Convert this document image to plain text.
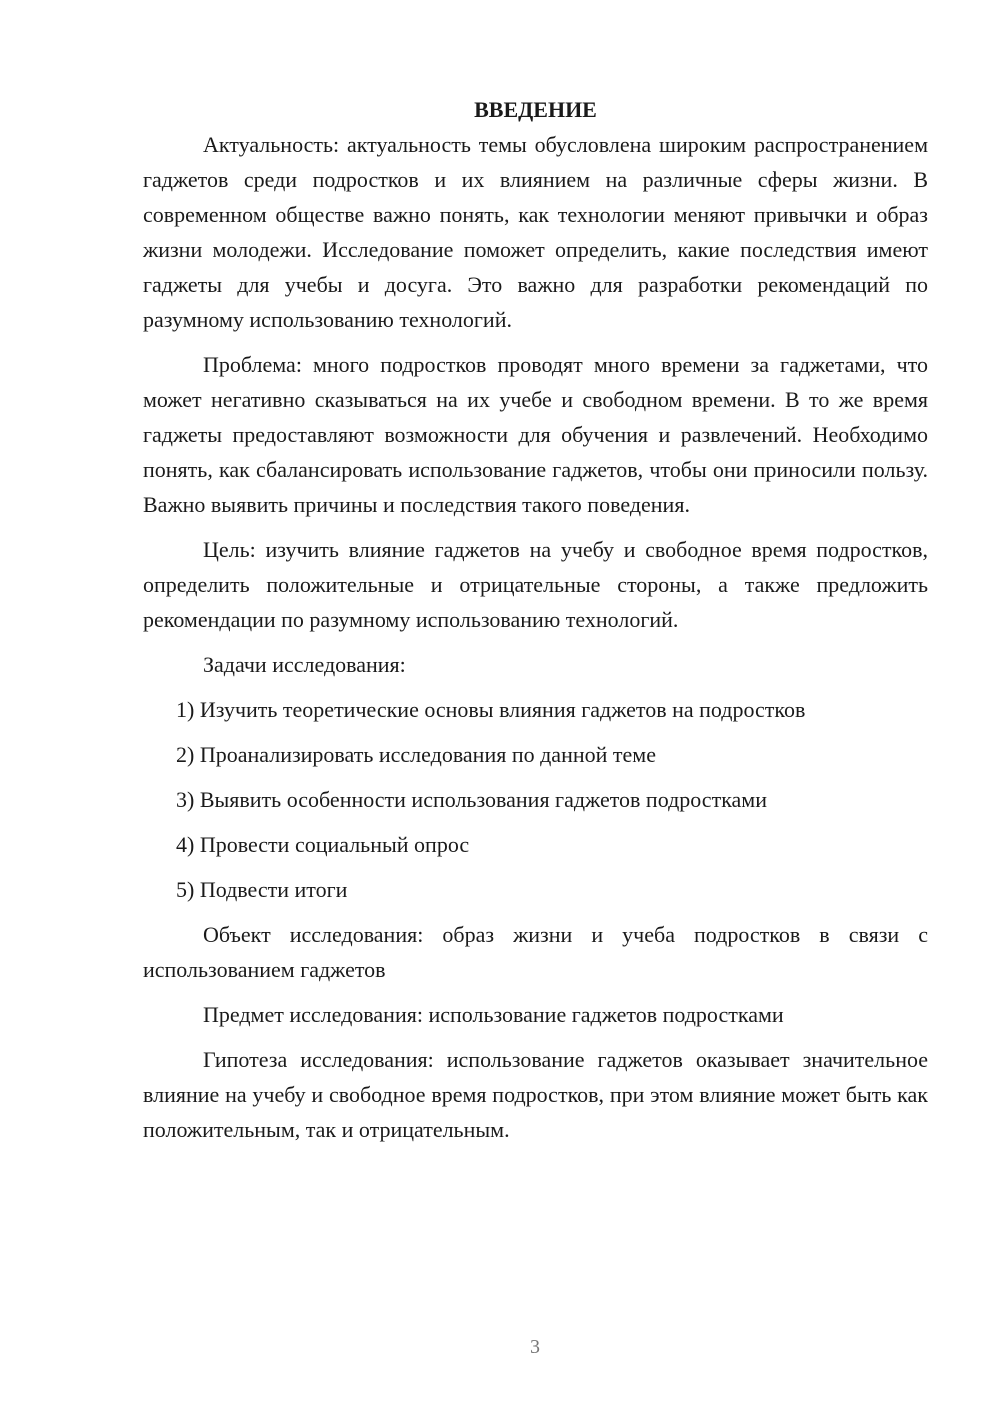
ВВЕДЕНИЕ

Актуальность: актуальность темы обусловлена широким распространением гаджетов среди подростков и их влиянием на различные сферы жизни. В современном обществе важно понять, как технологии меняют привычки и образ жизни молодежи. Исследование поможет определить, какие последствия имеют гаджеты для учебы и досуга. Это важно для разработки рекомендаций по разумному использованию технологий.

Проблема: много подростков проводят много времени за гаджетами, что может негативно сказываться на их учебе и свободном времени. В то же время гаджеты предоставляют возможности для обучения и развлечений. Необходимо понять, как сбалансировать использование гаджетов, чтобы они приносили пользу. Важно выявить причины и последствия такого поведения.

Цель: изучить влияние гаджетов на учебу и свободное время подростков, определить положительные и отрицательные стороны, а также предложить рекомендации по разумному использованию технологий.

Задачи исследования:

1) Изучить теоретические основы влияния гаджетов на подростков
2) Проанализировать исследования по данной теме
3) Выявить особенности использования гаджетов подростками
4) Провести социальный опрос
5) Подвести итоги

Объект исследования: образ жизни и учеба подростков в связи с использованием гаджетов

Предмет исследования: использование гаджетов подростками

Гипотеза исследования: использование гаджетов оказывает значительное влияние на учебу и свободное время подростков, при этом влияние может быть как положительным, так и отрицательным.

3
